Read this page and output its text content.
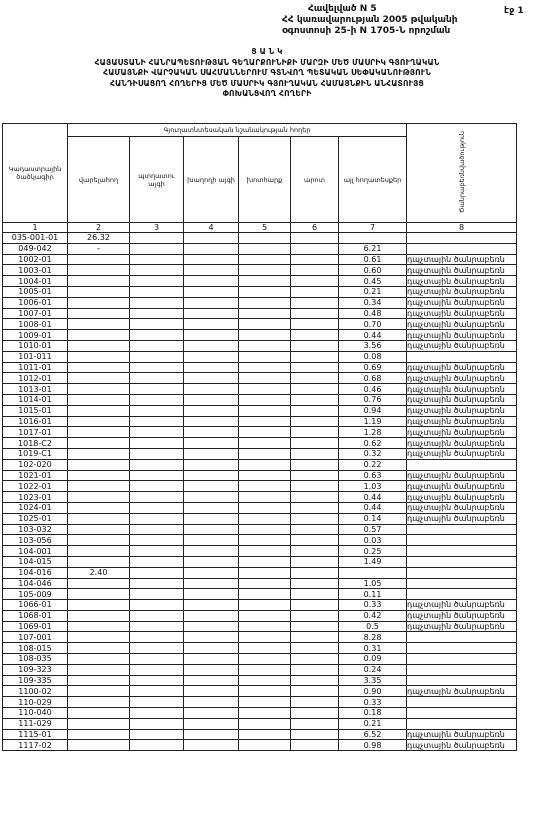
Հավելված N 5
ՀՀ կառավարության 2005 թվականի
օգոստոսի 25-ի N 1705-Ն որոշման
էջ 1
Ց Ա Ն Կ
ՀԱՅԱՍՏԱՆԻ ՀԱՆՐԱՊԵՏՈՒԹՅԱՆ ԳԵՂԱՐՔՈՒՆԻՔԻ ՄԱՐԶԻ ՄԵԾ ՄԱՍՐԻԿ ԳՅՈՒՂԱԿԱՆ
ՀԱՄԱՅՆՔԻ ՎԱՐՉԱԿԱՆ ՍԱՀՄԱՆՆԵՐՈՒՄ ԳՏՆՎՈՂ ՊԵՏԱԿԱՆ ՍԵՓԱԿԱՆՈՒԹՅՈՒՆ
ՀԱՆԴԻՍԱՑՈՂ ՀՈՂԵՐԻՑ ՄԵԾ ՄԱՍՐԻԿ ԳՅՈՒՂԱԿԱՆ ՀԱՄԱՅՆՔԻՆ ԱՆՀԱՏՈՒՅՑ
ՓՈԽԱՆՑՎՈՂ ՀՈՂԵՐԻ
Կադաստրային ծածկագիր	Գյուղատնտեսական նշանակության հողեր						Ծանրաբեռնվածություն
	վարելահող	պտղատու այգի	խաղողի այգի	խոտհարք	արոտ	այլ հողատեսքեր	
1	2	3	4	5	6	7	8
035-001-01	26.32						
049-042	-					6.21	
1002-01						0.61	դպչտային ծանրաբեռն
1003-01						0.60	դպչտային ծանրաբեռն
1004-01						0.45	դպչտային ծանրաբեռն
1005-01						0.21	դպչտային ծանրաբեռն
1006-01						0.34	դպչտային ծանրաբեռն
1007-01						0.48	դպչտային ծանրաբեռն
1008-01						0.70	դպչտային ծանրաբեռն
1009-01						0.44	դպչտային ծանրաբեռն
1010-01						3.56	դպչտային ծանրաբեռն
101-011						0.08	
1011-01						0.69	դպչտային ծանրաբեռն
1012-01						0.68	դպչտային ծանրաբեռն
1013-01						0.46	դպչտային ծանրաբեռն
1014-01						0.76	դպչտային ծանրաբեռն
1015-01						0.94	դպչտային ծանրաբեռն
1016-01						1.19	դպչտային ծանրաբեռն
1017-01						1.28	դպչտային ծանրաբեռն
1018-C2						0.62	դպչտային ծանրաբեռն
1019-C1						0.32	դպչտային ծանրաբեռն
102-020						0.22	
1021-01						0.63	դպչտային ծանրաբեռն
1022-01						1.03	դպչտային ծանրաբեռն
1023-01						0.44	դպչտային ծանրաբեռն
1024-01						0.44	դպչտային ծանրաբեռն
1025-01						0.14	դպչտային ծանրաբեռն
103-032						0.57	
103-056						0.03	
104-001						0.25	
104-015						1.49	
104-016	2.40						
104-046						1.05	
105-009						0.11	
1066-01						0.33	դպչտային ծանրաբեռն
1068-01						0.42	դպչտային ծանրաբեռն
1069-01						0.5	դպչտային ծանրաբեռն
107-001						8.28	
108-015						0.31	
108-035						0.09	
109-323						0.24	
109-335						3.35	
1100-02						0.90	դպչտային ծանրաբեռն
110-029						0.33	
110-040						0.18	
111-029						0.21	
1115-01						6.52	դպչտային ծանրաբեռն
1117-02						0.98	դպչտային ծանրաբեռն
